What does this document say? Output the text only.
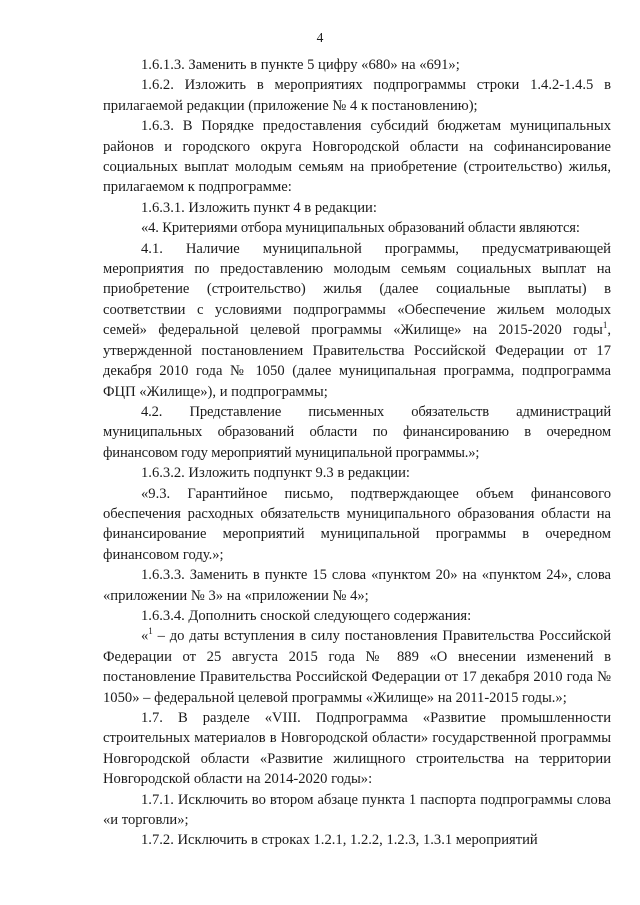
4

1.6.1.3. Заменить в пункте 5 цифру «680» на «691»;

1.6.2. Изложить в мероприятиях подпрограммы строки 1.4.2-1.4.5 в прилагаемой редакции (приложение № 4 к постановлению);

1.6.3. В Порядке предоставления субсидий бюджетам муниципальных районов и городского округа Новгородской области на софинансирование социальных выплат молодым семьям на приобретение (строительство) жилья, прилагаемом к подпрограмме:

1.6.3.1. Изложить пункт 4 в редакции:

«4. Критериями отбора муниципальных образований области являются:

4.1. Наличие муниципальной программы, предусматривающей мероприятия по предоставлению молодым семьям социальных выплат на приобретение (строительство) жилья (далее социальные выплаты) в соответствии с условиями подпрограммы «Обеспечение жильем молодых семей» федеральной целевой программы «Жилище» на 2015-2020 годы$^1$, утвержденной постановлением Правительства Российской Федерации от 17 декабря 2010 года № 1050 (далее муниципальная программа, подпрограмма ФЦП «Жилище»), и подпрограммы;

4.2. Представление письменных обязательств администраций муниципальных образований области по финансированию в очередном финансовом году мероприятий муниципальной программы.»;

1.6.3.2. Изложить подпункт 9.3 в редакции:

«9.3. Гарантийное письмо, подтверждающее объем финансового обеспечения расходных обязательств муниципального образования области на финансирование мероприятий муниципальной программы в очередном финансовом году.»;

1.6.3.3. Заменить в пункте 15 слова «пунктом 20» на «пунктом 24», слова «приложении № 3» на «приложении № 4»;

1.6.3.4. Дополнить сноской следующего содержания:

«$^1$ – до даты вступления в силу постановления Правительства Российской Федерации от 25 августа 2015 года № 889 «О внесении изменений в постановление Правительства Российской Федерации от 17 декабря 2010 года № 1050» – федеральной целевой программы «Жилище» на 2011-2015 годы.»;

1.7. В разделе «VIII. Подпрограмма «Развитие промышленности строительных материалов в Новгородской области» государственной программы Новгородской области «Развитие жилищного строительства на территории Новгородской области на 2014-2020 годы»:

1.7.1. Исключить во втором абзаце пункта 1 паспорта подпрограммы слова «и торговли»;

1.7.2. Исключить в строках 1.2.1, 1.2.2, 1.2.3, 1.3.1 мероприятий
